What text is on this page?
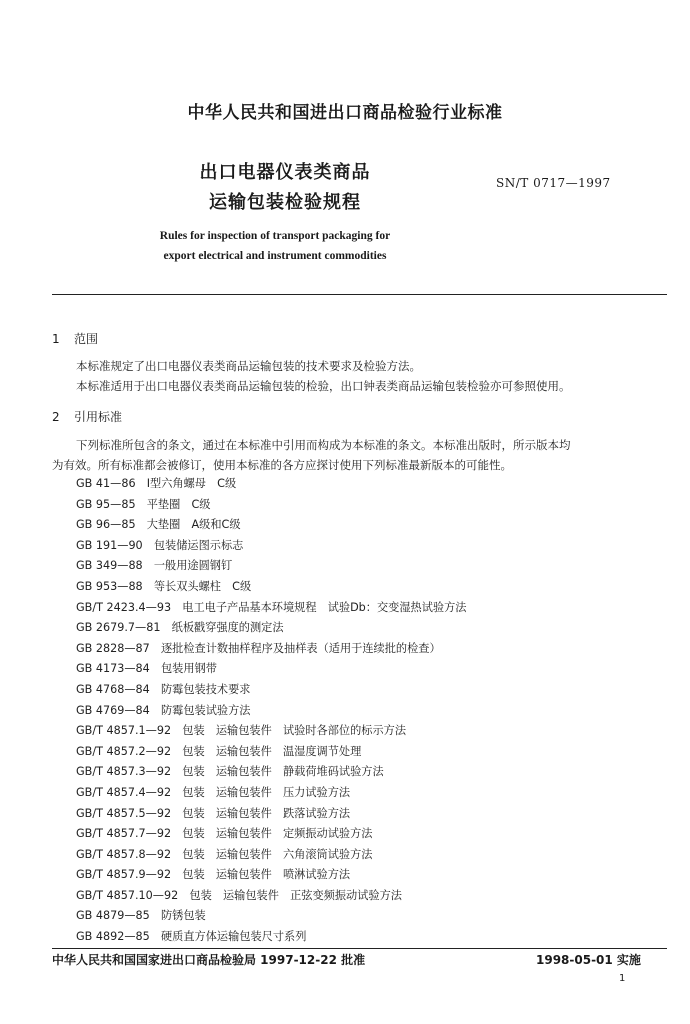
中华人民共和国进出口商品检验行业标准
出口电器仪表类商品
运输包装检验规程
SN/T 0717—1997
Rules for inspection of transport packaging for
export electrical and instrument commodities
1 范围
本标准规定了出口电器仪表类商品运输包装的技术要求及检验方法。
本标准适用于出口电器仪表类商品运输包装的检验，出口钟表类商品运输包装检验亦可参照使用。
2 引用标准
下列标准所包含的条文，通过在本标准中引用而构成为本标准的条文。本标准出版时，所示版本均
为有效。所有标准都会被修订，使用本标准的各方应探讨使用下列标准最新版本的可能性。
GB 41—86　I型六角螺母　C级
GB 95—85　平垫圈　C级
GB 96—85　大垫圈　A级和C级
GB 191—90　包装储运图示标志
GB 349—88　一般用途圆钢钉
GB 953—88　等长双头螺柱　C级
GB/T 2423.4—93　电工电子产品基本环境规程　试验Db：交变湿热试验方法
GB 2679.7—81　纸板戳穿强度的测定法
GB 2828—87　逐批检查计数抽样程序及抽样表（适用于连续批的检查）
GB 4173—84　包装用钢带
GB 4768—84　防霉包装技术要求
GB 4769—84　防霉包装试验方法
GB/T 4857.1—92　包装　运输包装件　试验时各部位的标示方法
GB/T 4857.2—92　包装　运输包装件　温湿度调节处理
GB/T 4857.3—92　包装　运输包装件　静载荷堆码试验方法
GB/T 4857.4—92　包装　运输包装件　压力试验方法
GB/T 4857.5—92　包装　运输包装件　跌落试验方法
GB/T 4857.7—92　包装　运输包装件　定频振动试验方法
GB/T 4857.8—92　包装　运输包装件　六角滚筒试验方法
GB/T 4857.9—92　包装　运输包装件　喷淋试验方法
GB/T 4857.10—92　包装　运输包装件　正弦变频振动试验方法
GB 4879—85　防锈包装
GB 4892—85　硬质直方体运输包装尺寸系列
中华人民共和国国家进出口商品检验局 1997-12-22 批准	1998-05-01 实施
1
